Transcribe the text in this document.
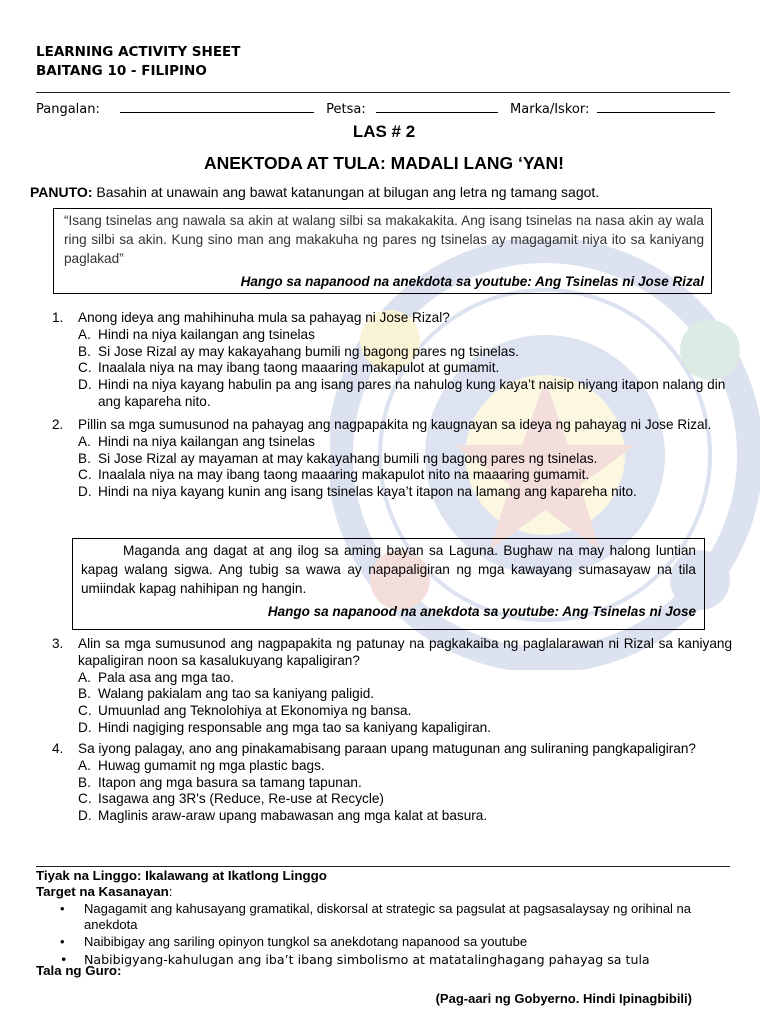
LEARNING ACTIVITY SHEET
BAITANG 10 - FILIPINO
Pangalan:	Petsa:	Marka/Iskor:
LAS # 2
ANEKTODA AT TULA: MADALI LANG ‘YAN!
PANUTO: Basahin at unawain ang bawat katanungan at bilugan ang letra ng tamang sagot.

“Isang tsinelas ang nawala sa akin at walang silbi sa makakakita. Ang isang tsinelas na nasa akin ay wala ring silbi sa akin. Kung sino man ang makakuha ng pares ng tsinelas ay magagamit niya ito sa kaniyang paglakad”

Hango sa napanood na anekdota sa youtube: Ang Tsinelas ni Jose Rizal

1. Anong ideya ang mahihinuha mula sa pahayag ni Jose Rizal?
A. Hindi na niya kailangan ang tsinelas
B. Si Jose Rizal ay may kakayahang bumili ng bagong pares ng tsinelas.
C. Inaalala niya na may ibang taong maaaring makapulot at gumamit.
D. Hindi na niya kayang habulin pa ang isang pares na nahulog kung kaya’t naisip niyang itapon nalang din ang kapareha nito.
2. Pillin sa mga sumusunod na pahayag ang nagpapakita ng kaugnayan sa ideya ng pahayag ni Jose Rizal.
A. Hindi na niya kailangan ang tsinelas
B. Si Jose Rizal ay mayaman at may kakayahang bumili ng bagong pares ng tsinelas.
C. Inaalala niya na may ibang taong maaaring makapulot nito na maaaring gumamit.
D. Hindi na niya kayang kunin ang isang tsinelas kaya’t itapon na lamang ang kapareha nito.

Maganda ang dagat at ang ilog sa aming bayan sa Laguna. Bughaw na may halong luntian kapag walang sigwa. Ang tubig sa wawa ay napapaligiran ng mga kawayang sumasayaw na tila umiindak kapag nahihipan ng hangin.

Hango sa napanood na anekdota sa youtube: Ang Tsinelas ni Jose

3. Alin sa mga sumusunod ang nagpapakita ng patunay na pagkakaiba ng paglalarawan ni Rizal sa kaniyang kapaligiran noon sa kasalukuyang kapaligiran?
A. Pala asa ang mga tao.
B. Walang pakialam ang tao sa kaniyang paligid.
C. Umuunlad ang Teknolohiya at Ekonomiya ng bansa.
D. Hindi nagiging responsable ang mga tao sa kaniyang kapaligiran.
4. Sa iyong palagay, ano ang pinakamabisang paraan upang matugunan ang suliraning pangkapaligiran?
A. Huwag gumamit ng mga plastic bags.
B. Itapon ang mga basura sa tamang tapunan.
C. Isagawa ang 3R's (Reduce, Re-use at Recycle)
D. Maglinis araw-araw upang mabawasan ang mga kalat at basura.
Tiyak na Linggo: Ikalawang at Ikatlong Linggo
Target na Kasanayan:
• Nagagamit ang kahusayang gramatikal, diskorsal at strategic sa pagsulat at pagsasalaysay ng orihinal na anekdota
• Naibibigay ang sariling opinyon tungkol sa anekdotang napanood sa youtube
• Nabibigyang-kahulugan ang iba’t ibang simbolismo at matatalinghagang pahayag sa tula
Tala ng Guro:
(Pag-aari ng Gobyerno. Hindi Ipinagbibili)
